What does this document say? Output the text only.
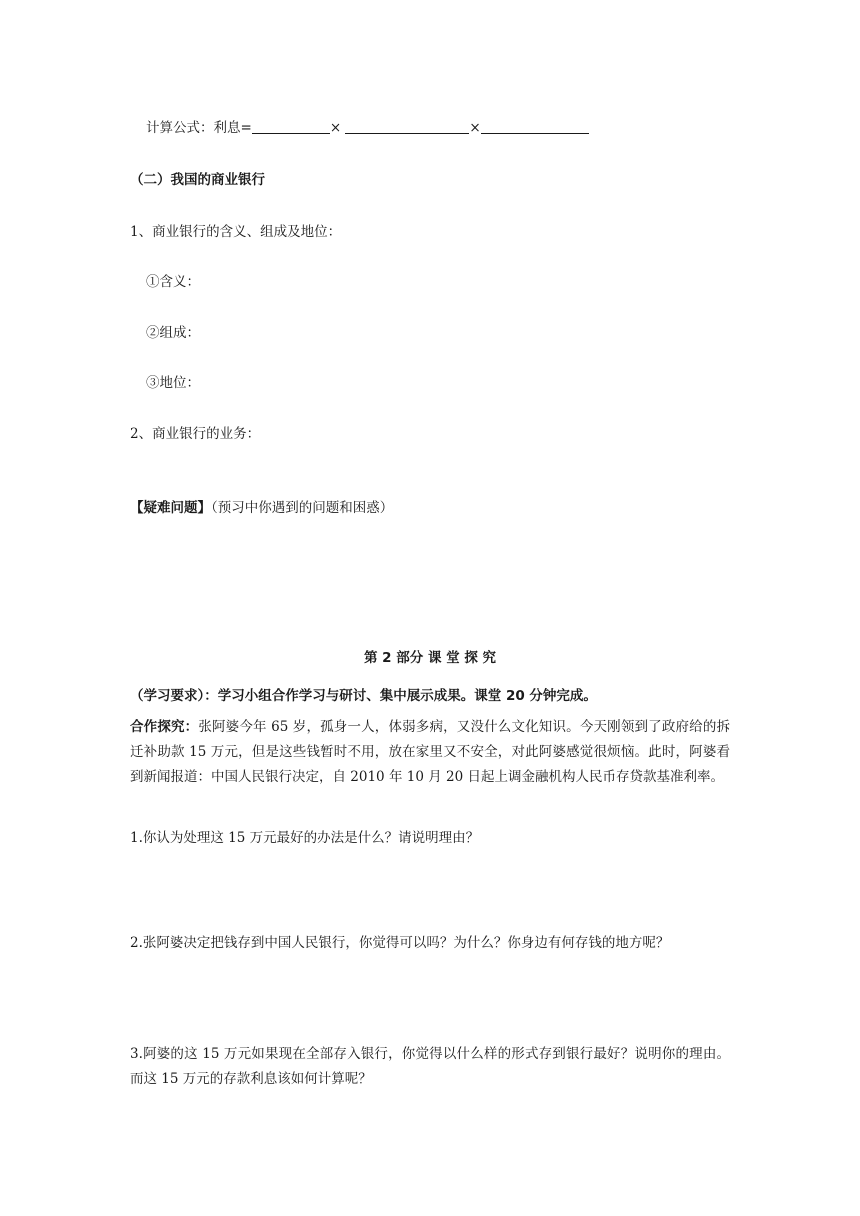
计算公式：利息=	×	×
（二）我国的商业银行
1、商业银行的含义、组成及地位：
①含义：
②组成：
③地位：
2、商业银行的业务：
【疑难问题】（预习中你遇到的问题和困惑）
第 2 部分 课 堂 探 究
（学习要求）：学习小组合作学习与研讨、集中展示成果。课堂 20 分钟完成。
合作探究：张阿婆今年 65 岁，孤身一人，体弱多病，又没什么文化知识。今天刚领到了政府给的拆迁补助款 15 万元，但是这些钱暂时不用，放在家里又不安全，对此阿婆感觉很烦恼。此时，阿婆看到新闻报道：中国人民银行决定，自 2010 年 10 月 20 日起上调金融机构人民币存贷款基准利率。
1.你认为处理这 15 万元最好的办法是什么？请说明理由？
2.张阿婆决定把钱存到中国人民银行，你觉得可以吗？为什么？你身边有何存钱的地方呢？
3.阿婆的这 15 万元如果现在全部存入银行，你觉得以什么样的形式存到银行最好？说明你的理由。而这 15 万元的存款利息该如何计算呢？
